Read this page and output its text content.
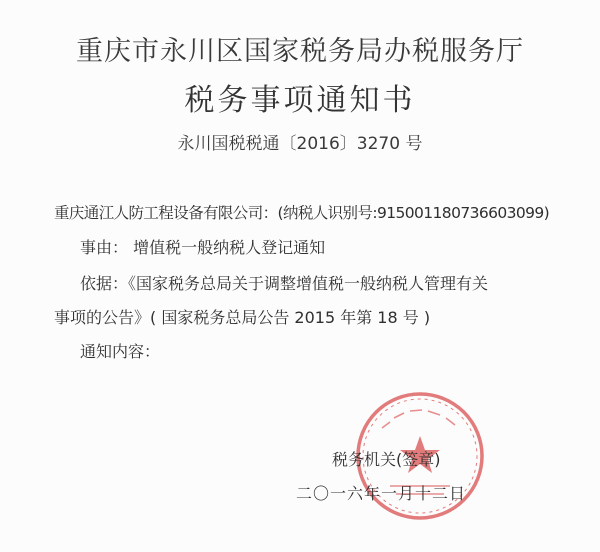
重庆市永川区国家税务局办税服务厅
税务事项通知书
永川国税税通〔2016〕3270 号
重庆通江人防工程设备有限公司：(纳税人识别号:915001180736603099)
事由： 增值税一般纳税人登记通知
依据：《国家税务总局关于调整增值税一般纳税人管理有关
事项的公告》( 国家税务总局公告 2015 年第 18 号 )
通知内容：
税务机关(签章)
二〇一六年一月十二日
